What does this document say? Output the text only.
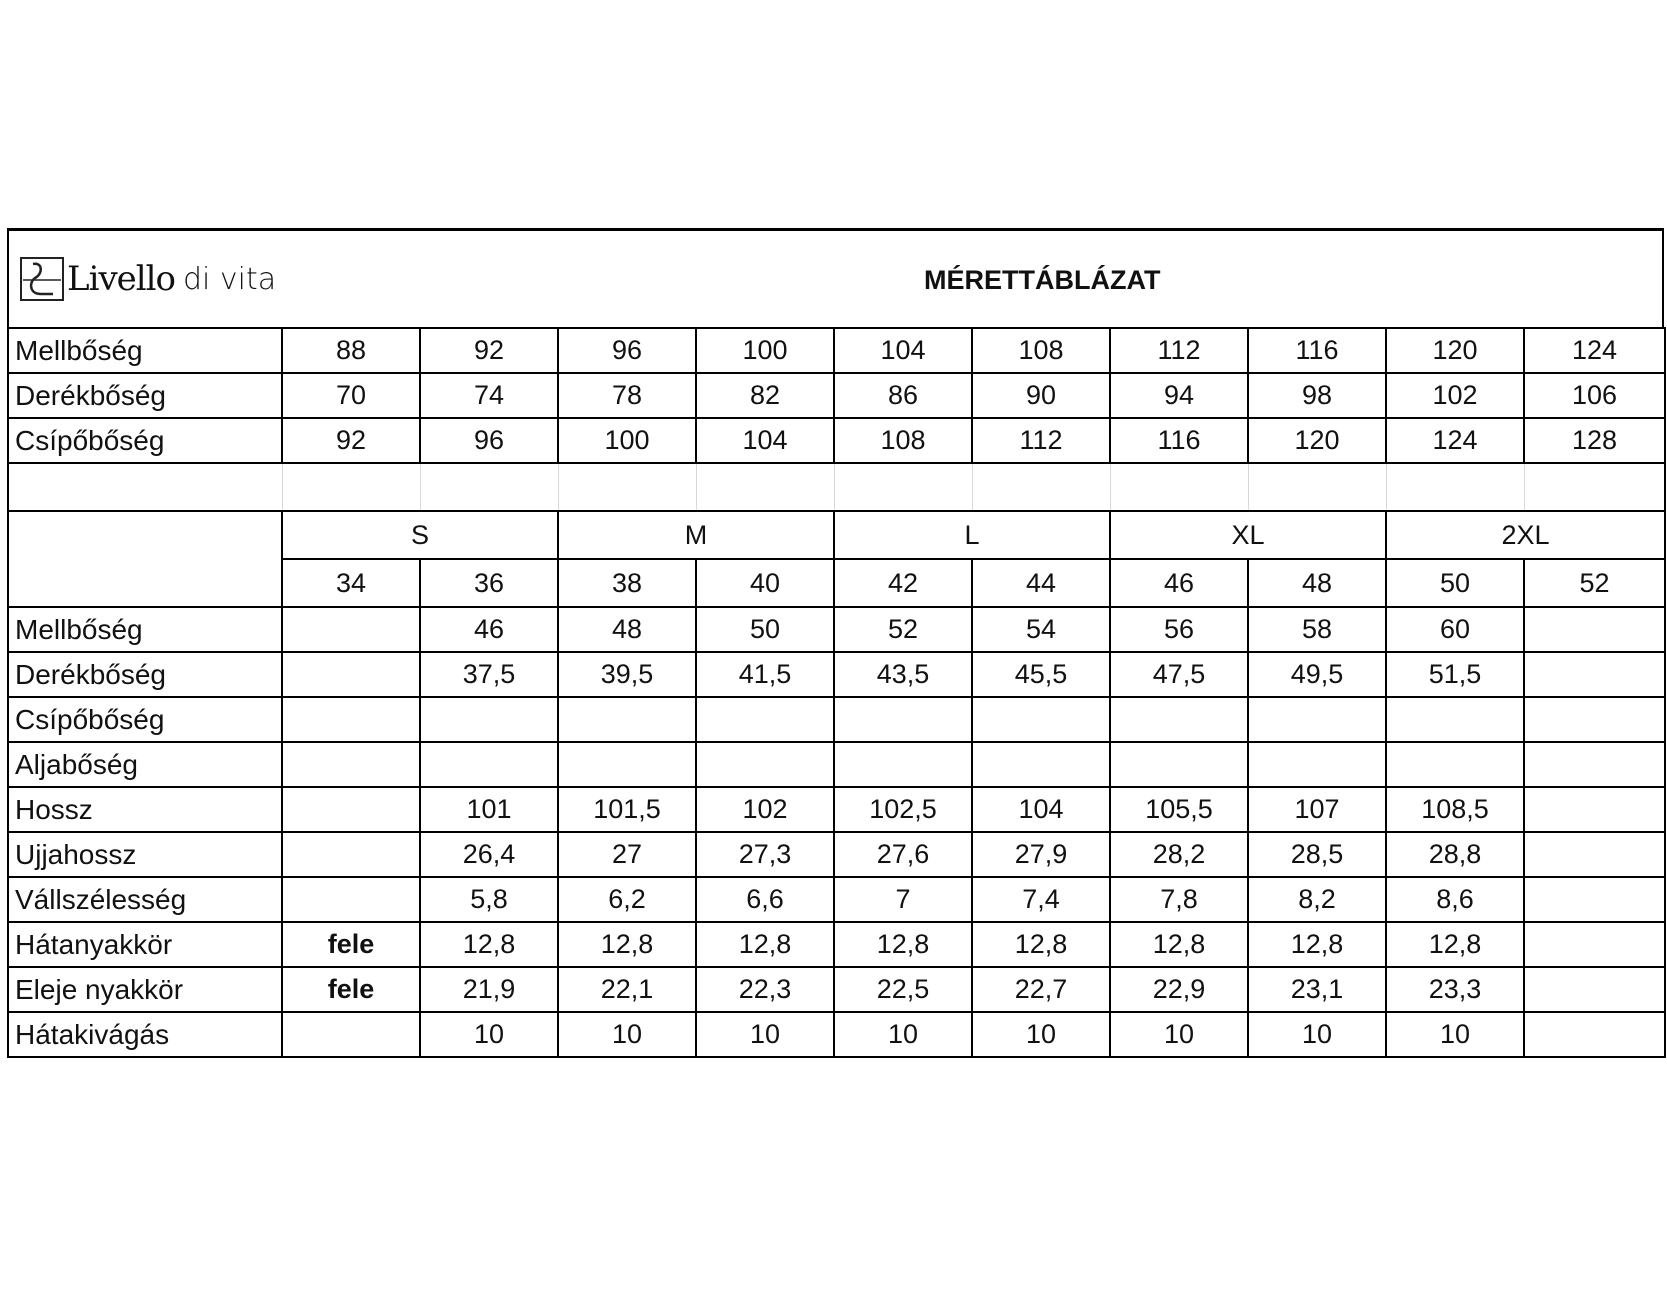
Livello di vita	MÉRETTÁBLÁZAT
Mellbőség	88	92	96	100	104	108	112	116	120	124
Derékbőség	70	74	78	82	86	90	94	98	102	106
Csípőbőség	92	96	100	104	108	112	116	120	124	128

	S		M		L		XL		2XL	
	34	36	38	40	42	44	46	48	50	52
Mellbőség		46	48	50	52	54	56	58	60	
Derékbőség		37,5	39,5	41,5	43,5	45,5	47,5	49,5	51,5	
Csípőbőség										
Aljabőség										
Hossz		101	101,5	102	102,5	104	105,5	107	108,5	
Ujjahossz		26,4	27	27,3	27,6	27,9	28,2	28,5	28,8	
Vállszélesség		5,8	6,2	6,6	7	7,4	7,8	8,2	8,6	
Hátanyakkör	fele	12,8	12,8	12,8	12,8	12,8	12,8	12,8	12,8	
Eleje nyakkör	fele	21,9	22,1	22,3	22,5	22,7	22,9	23,1	23,3	
Hátakivágás		10	10	10	10	10	10	10	10	
